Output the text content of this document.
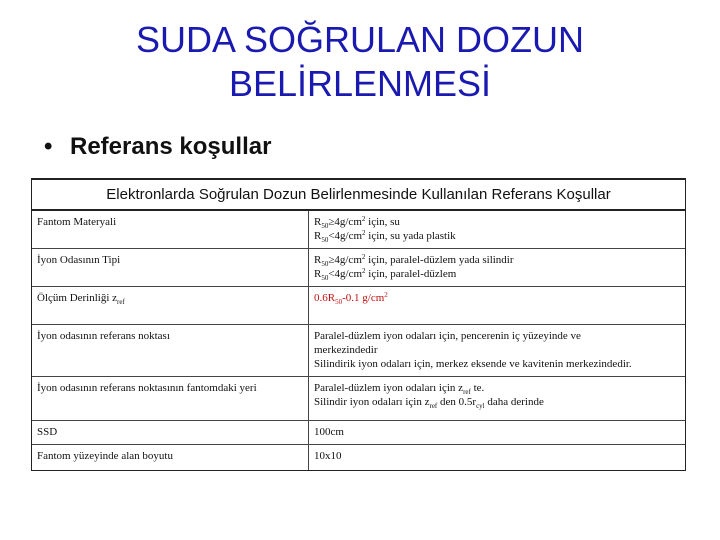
SUDA SOĞRULAN DOZUN
BELİRLENMESİ
• Referans koşullar
Elektronlarda Soğrulan Dozun Belirlenmesinde Kullanılan Referans Koşullar
Fantom Materyali	$R_{50}\ge 4g/cm^2$ için, su
$R_{50}<4g/cm^2$ için, su yada plastik
İyon Odasının Tipi	$R_{50}\ge 4g/cm^2$ için, paralel-düzlem yada silindir
$R_{50}<4g/cm^2$ için, paralel-düzlem
Ölçüm Derinliği $z_{ref}$	$0.6R_{50}-0.1$ $g/cm^2$
İyon odasının referans noktası	Paralel-düzlem iyon odaları için, pencerenin iç yüzeyinde ve
merkezindedir
Silindirik iyon odaları için, merkez eksende ve kavitenin merkezindedir.
İyon odasının referans noktasının fantomdaki yeri	Paralel-düzlem iyon odaları için $z_{ref}$ te.
Silindir iyon odaları için $z_{ref}$ den $0.5r_{cyl}$ daha derinde
SSD	100cm
Fantom yüzeyinde alan boyutu	10x10
